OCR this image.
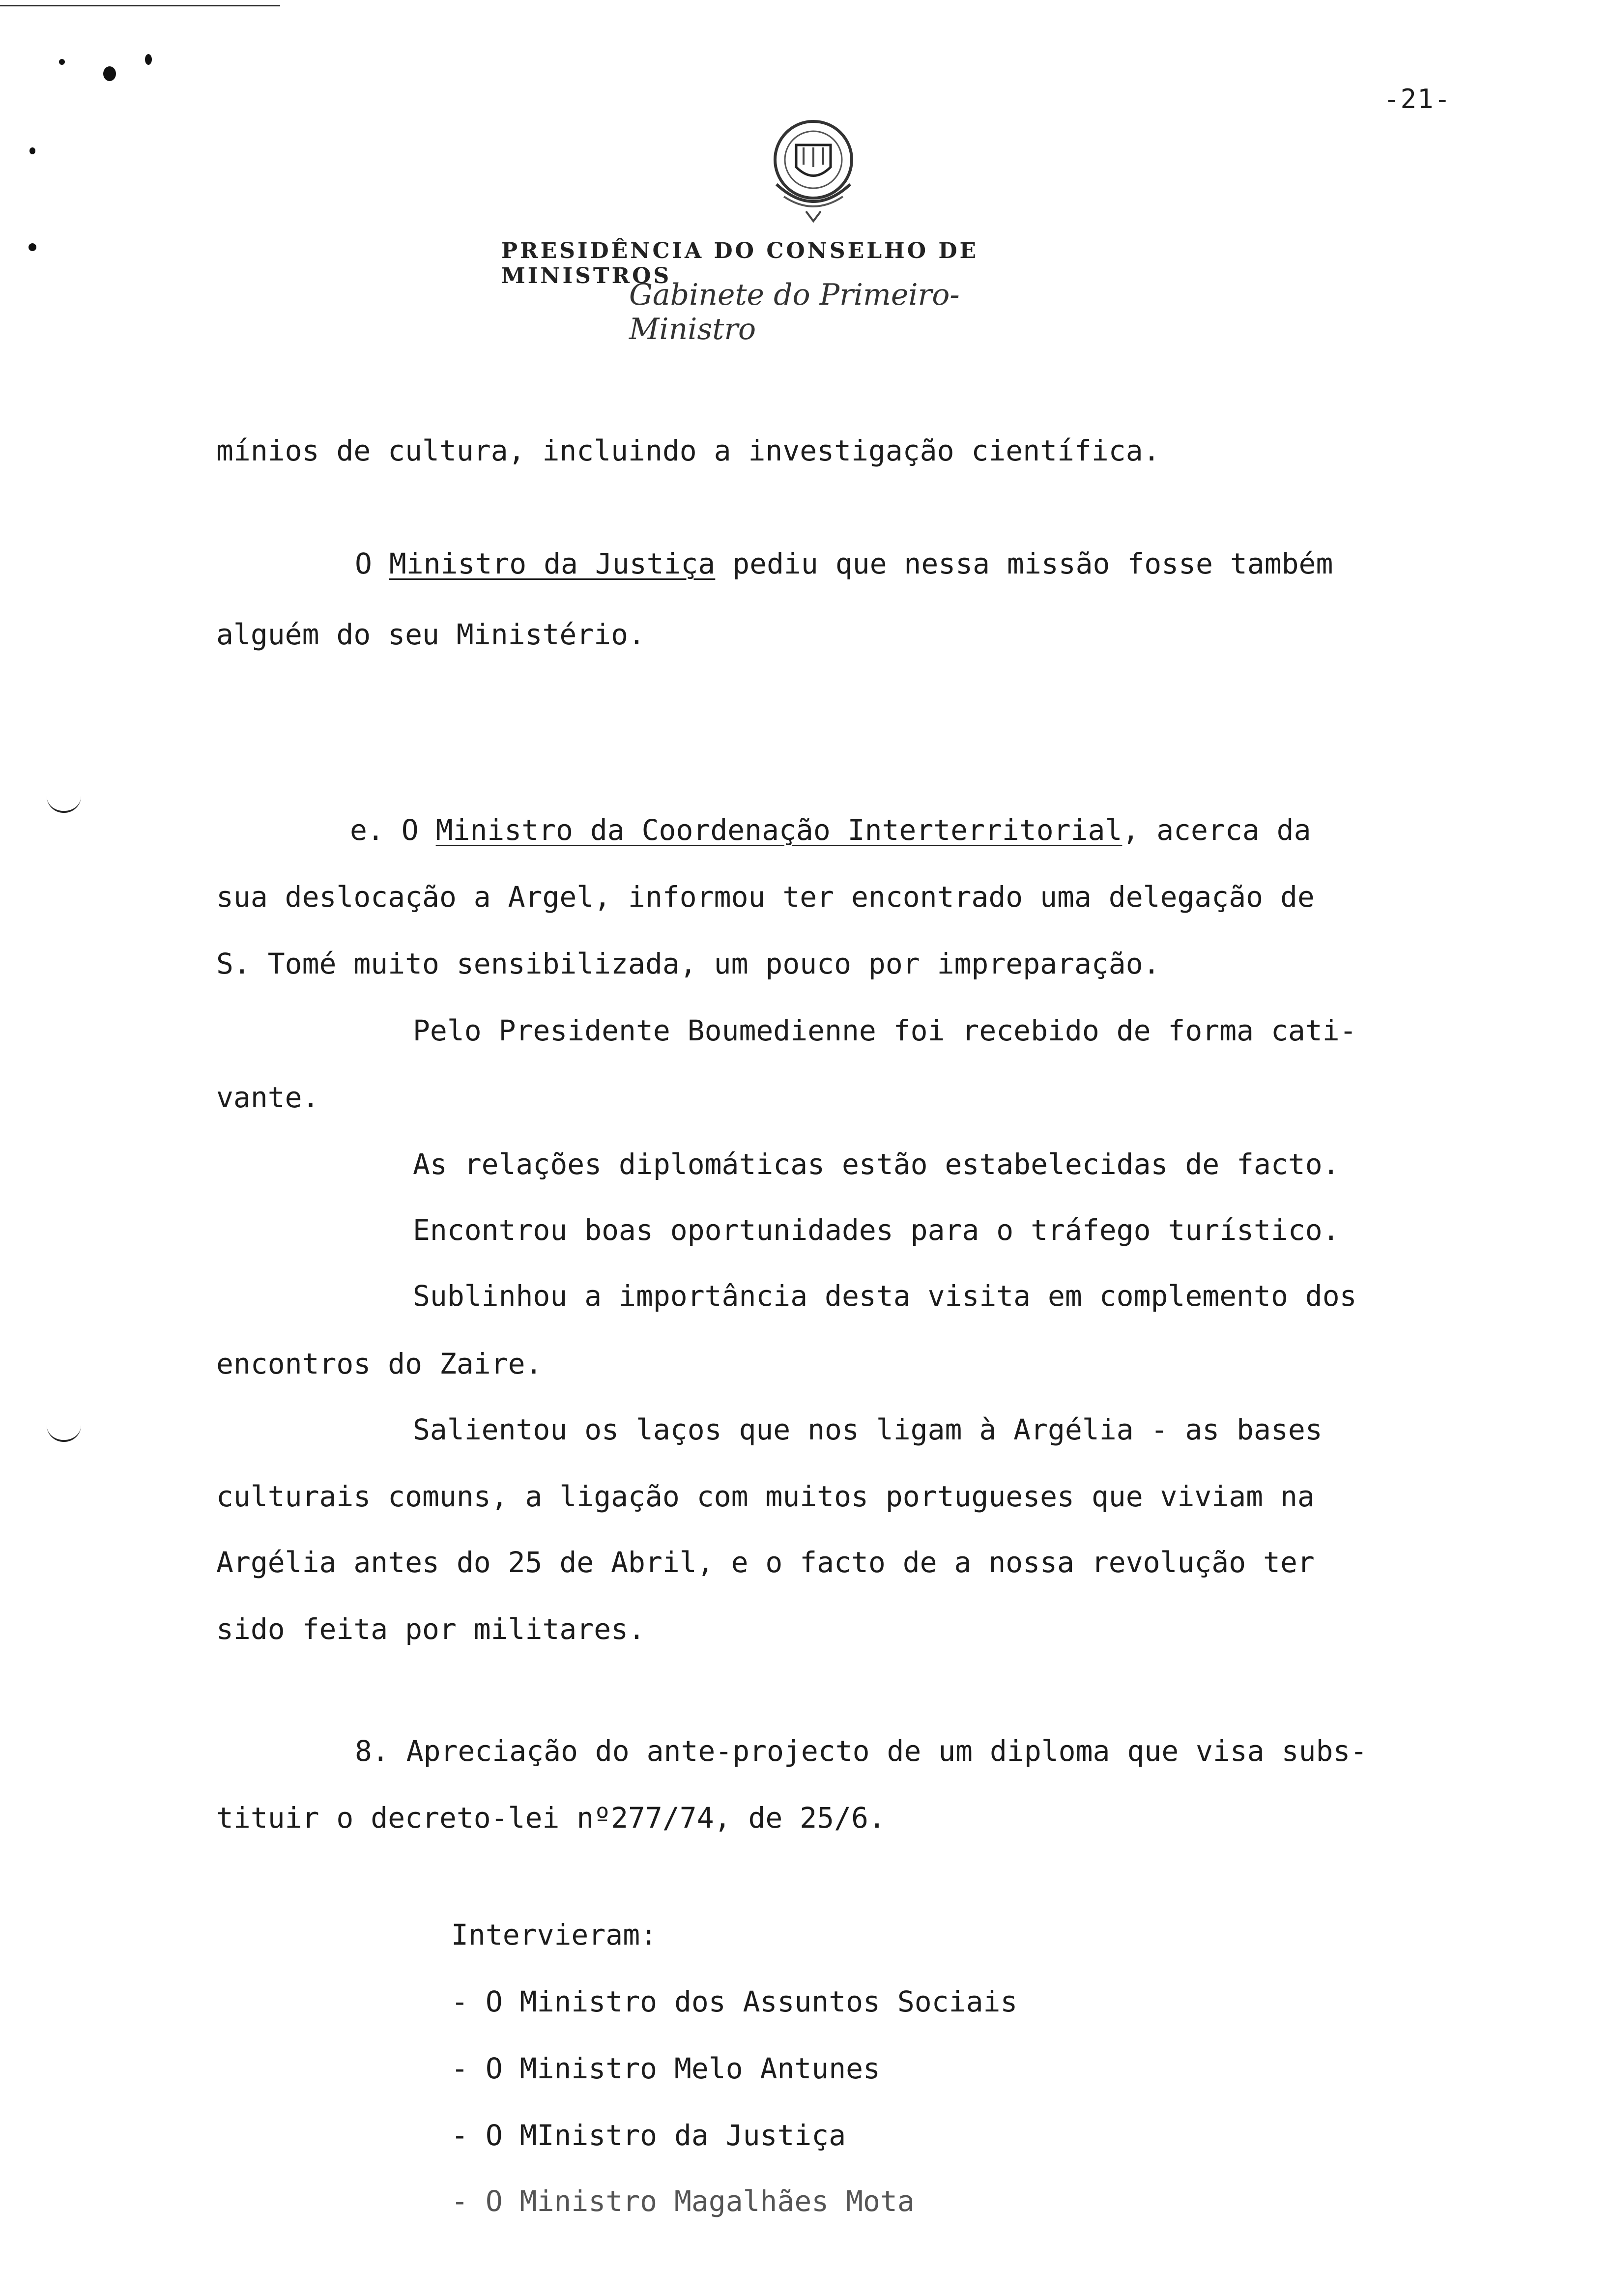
-21-
PRESIDÊNCIA DO CONSELHO DE MINISTROS
Gabinete do Primeiro-Ministro
mínios de cultura, incluindo a investigação científica.
O Ministro da Justiça pediu que nessa missão fosse também
alguém do seu Ministério.
e. O Ministro da Coordenação Interterritorial, acerca da
sua deslocação a Argel, informou ter encontrado uma delegação de
S. Tomé muito sensibilizada, um pouco por impreparação.
Pelo Presidente Boumedienne foi recebido de forma cati-
vante.
As relações diplomáticas estão estabelecidas de facto.
Encontrou boas oportunidades para o tráfego turístico.
Sublinhou a importância desta visita em complemento dos
encontros do Zaire.
Salientou os laços que nos ligam à Argélia - as bases
culturais comuns, a ligação com muitos portugueses que viviam na
Argélia antes do 25 de Abril, e o facto de a nossa revolução ter
sido feita por militares.
8. Apreciação do ante-projecto de um diploma que visa subs-
tituir o decreto-lei nº277/74, de 25/6.
Intervieram:
- O Ministro dos Assuntos Sociais
- O Ministro Melo Antunes
- O MInistro da Justiça
- O Ministro Magalhães Mota
